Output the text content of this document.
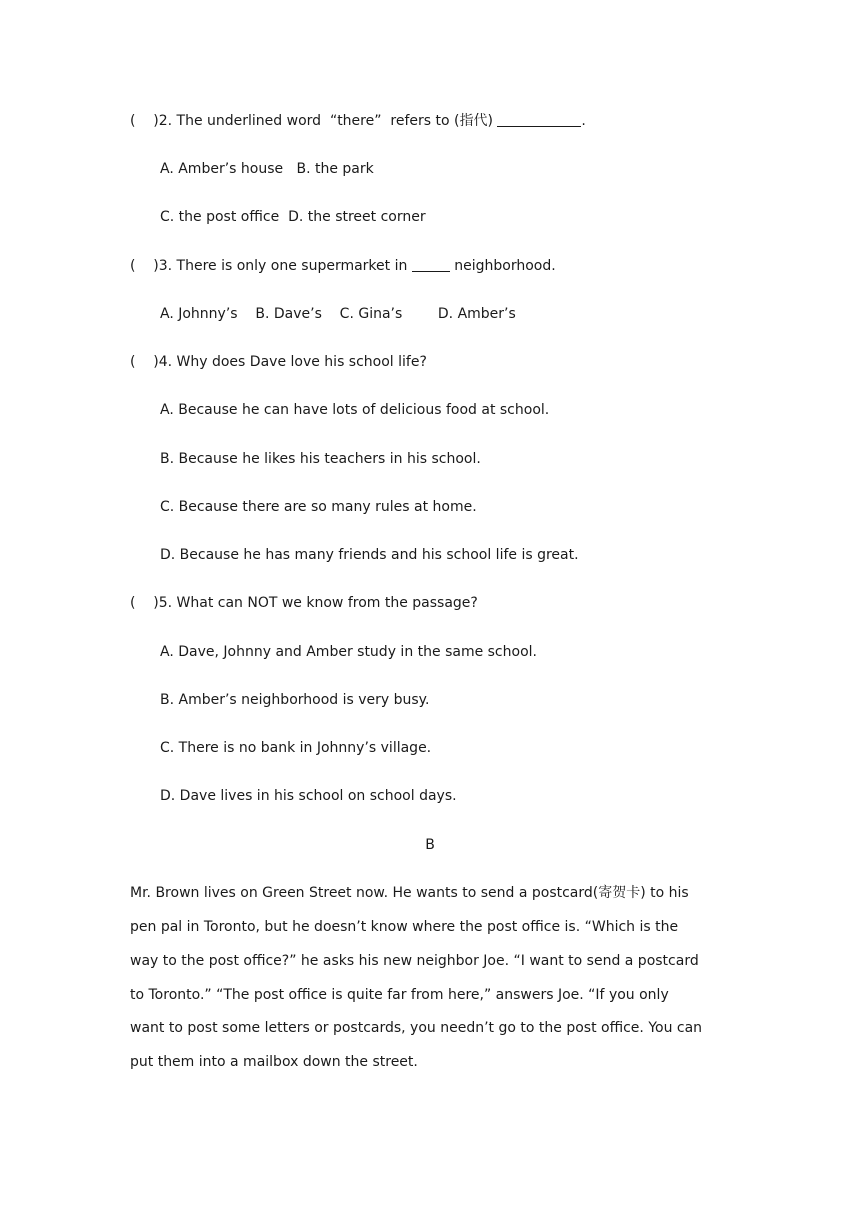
(    )2. The underlined word  “there”  refers to (指代)	.
A. Amber’s house   B. the park
C. the post office  D. the street corner
(    )3. There is only one supermarket in	neighborhood.
A. Johnny’s    B. Dave’s    C. Gina’s        D. Amber’s
(    )4. Why does Dave love his school life?
A. Because he can have lots of delicious food at school.
B. Because he likes his teachers in his school.
C. Because there are so many rules at home.
D. Because he has many friends and his school life is great.
(    )5. What can NOT we know from the passage?
A. Dave, Johnny and Amber study in the same school.
B. Amber’s neighborhood is very busy.
C. There is no bank in Johnny’s village.
D. Dave lives in his school on school days.
B
Mr. Brown lives on Green Street now. He wants to send a postcard(寄贺卡) to his
pen pal in Toronto, but he doesn’t know where the post office is. “Which is the
way to the post office?” he asks his new neighbor Joe. “I want to send a postcard
to Toronto.” “The post office is quite far from here,” answers Joe. “If you only
want to post some letters or postcards, you needn’t go to the post office. You can
put them into a mailbox down the street.
